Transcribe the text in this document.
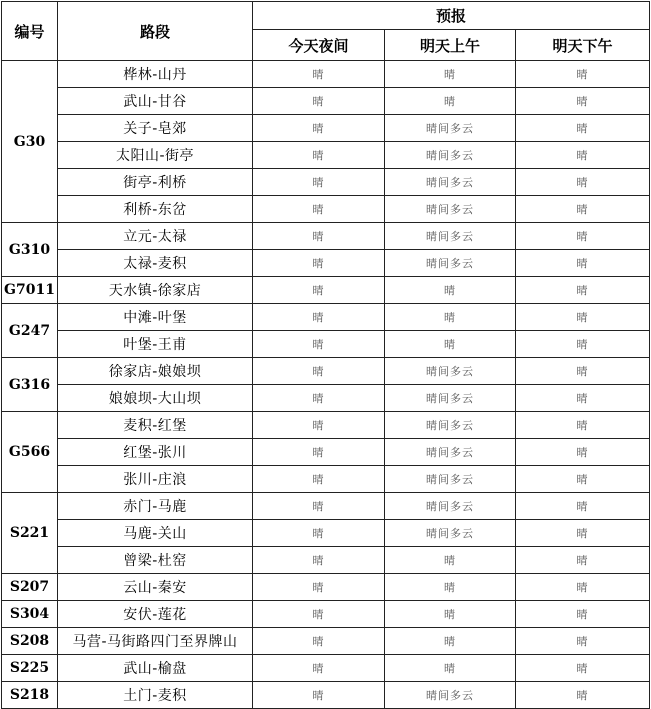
编号	路段	预报		
		今天夜间	明天上午	明天下午
G30	桦林-山丹	晴	晴	晴
	武山-甘谷	晴	晴	晴
	关子-皂郊	晴	晴间多云	晴
	太阳山-街亭	晴	晴间多云	晴
	街亭-利桥	晴	晴间多云	晴
	利桥-东岔	晴	晴间多云	晴
G310	立元-太禄	晴	晴间多云	晴
	太禄-麦积	晴	晴间多云	晴
G7011	天水镇-徐家店	晴	晴	晴
G247	中滩-叶堡	晴	晴	晴
	叶堡-王甫	晴	晴	晴
G316	徐家店-娘娘坝	晴	晴间多云	晴
	娘娘坝-大山坝	晴	晴间多云	晴
G566	麦积-红堡	晴	晴间多云	晴
	红堡-张川	晴	晴间多云	晴
	张川-庄浪	晴	晴间多云	晴
S221	赤门-马鹿	晴	晴间多云	晴
	马鹿-关山	晴	晴间多云	晴
	曾梁-杜窑	晴	晴	晴
S207	云山-秦安	晴	晴	晴
S304	安伏-莲花	晴	晴	晴
S208	马营-马街路四门至界牌山	晴	晴	晴
S225	武山-榆盘	晴	晴	晴
S218	土门-麦积	晴	晴间多云	晴
